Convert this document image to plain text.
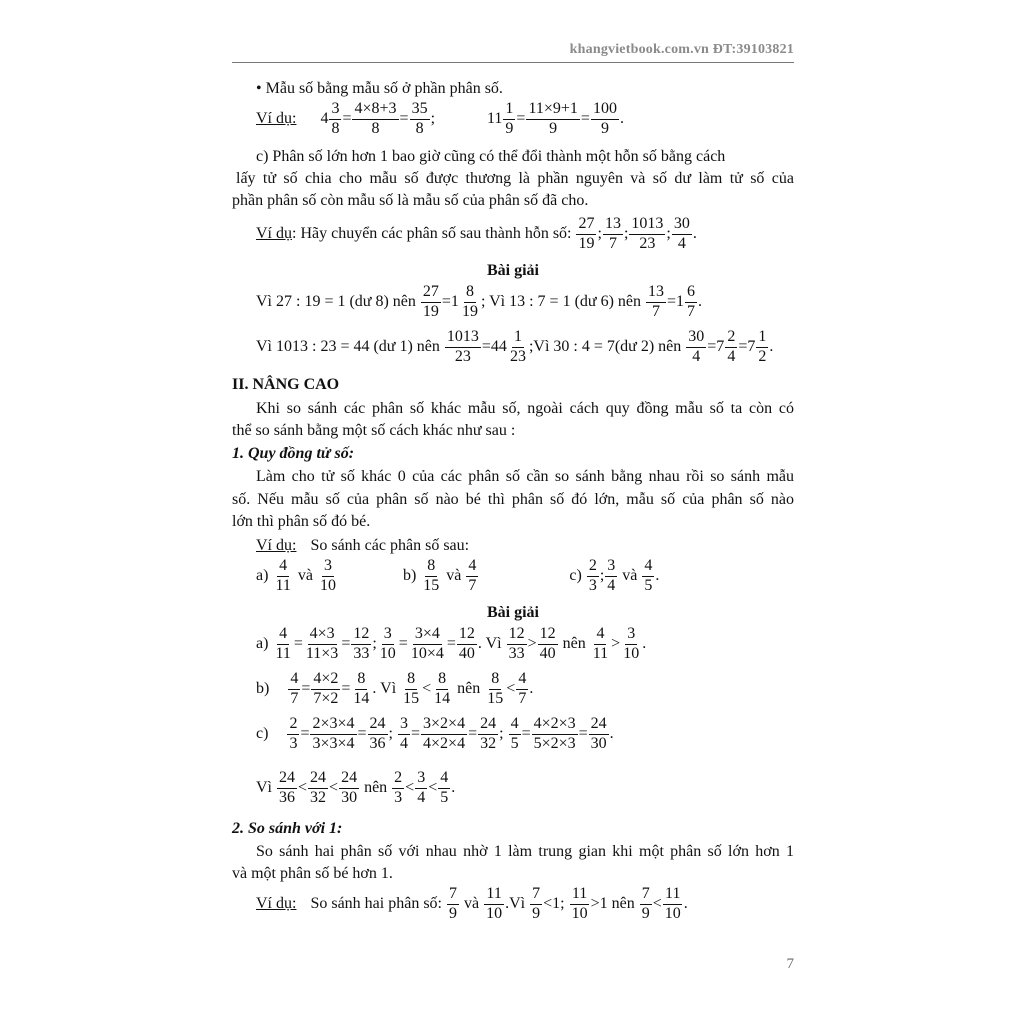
khangvietbook.com.vn ĐT:39103821
• Mẫu số bằng mẫu số ở phần phân số.
Ví dụ: $4 \frac{3}{8} = \frac{4\times 8+3}{8} = \frac{35}{8}$ ;	$11 \frac{1}{9} = \frac{11\times 9+1}{9} = \frac{100}{9}$ .
c) Phân số lớn hơn 1 bao giờ cũng có thể đổi thành một hỗn số bằng cách
lấy tử số chia cho mẫu số được thương là phần nguyên và số dư làm tử số của
phần phân số còn mẫu số là mẫu số của phân số đã cho.
Ví dụ: Hãy chuyển các phân số sau thành hỗn số: $\frac{27}{19}$ ; $\frac{13}{7}$ ; $\frac{1013}{23}$ ; $\frac{30}{4}$ .
Bài giải
Vì 27 : 19 = 1 (dư 8) nên $\frac{27}{19} =1 \frac{8}{19}$ ; Vì 13 : 7 = 1 (dư 6) nên $\frac{13}{7} =1 \frac{6}{7}$ .
Vì 1013 : 23 = 44 (dư 1) nên $\frac{1013}{23} =44 \frac{1}{23}$ ;Vì 30 : 4 = 7(dư 2) nên $\frac{30}{4} =7 \frac{2}{4} =7 \frac{1}{2}$ .
II. NÂNG CAO
Khi so sánh các phân số khác mẫu số, ngoài cách quy đồng mẫu số ta còn có
thể so sánh bằng một số cách khác như sau :
1. Quy đồng tử số:
Làm cho tử số khác 0 của các phân số cần so sánh bằng nhau rồi so sánh mẫu
số. Nếu mẫu số của phân số nào bé thì phân số đó lớn, mẫu số của phân số nào
lớn thì phân số đó bé.
Ví dụ: So sánh các phân số sau:
$a) \frac{4}{11}$ và $\frac{3}{10}$	$b) \frac{8}{15}$ và $\frac{4}{7}$	$c) \frac{2}{3}$ ; $\frac{3}{4}$ và $\frac{4}{5}$ .
Bài giải
$a) \frac{4}{11} = \frac{4\times 3}{11\times 3} = \frac{12}{33}$ ; $\frac{3}{10} = \frac{3\times 4}{10\times 4} = \frac{12}{40}$ . Vì $\frac{12}{33} > \frac{12}{40}$ nên $\frac{4}{11} > \frac{3}{10}$ .
$b) \frac{4}{7} = \frac{4\times 2}{7\times 2} = \frac{8}{14}$ . Vì $\frac{8}{15} < \frac{8}{14}$ nên $\frac{8}{15} < \frac{4}{7}$ .
$c) \frac{2}{3} = \frac{2\times 3\times 4}{3\times 3\times 4} = \frac{24}{36}$ ; $\frac{3}{4} = \frac{3\times 2\times 4}{4\times 2\times 4} = \frac{24}{32}$ ; $\frac{4}{5} = \frac{4\times 2\times 3}{5\times 2\times 3} = \frac{24}{30}$ .
Vì $\frac{24}{36} < \frac{24}{32} < \frac{24}{30}$ nên $\frac{2}{3} < \frac{3}{4} < \frac{4}{5}$ .
2. So sánh với 1:
So sánh hai phân số với nhau nhờ 1 làm trung gian khi một phân số lớn hơn 1
và một phân số bé hơn 1.
Ví dụ: So sánh hai phân số: $\frac{7}{9}$ và $\frac{11}{10}$ .Vì $\frac{7}{9} <1$; $\frac{11}{10} >1$ nên $\frac{7}{9} < \frac{11}{10}$ .
7
